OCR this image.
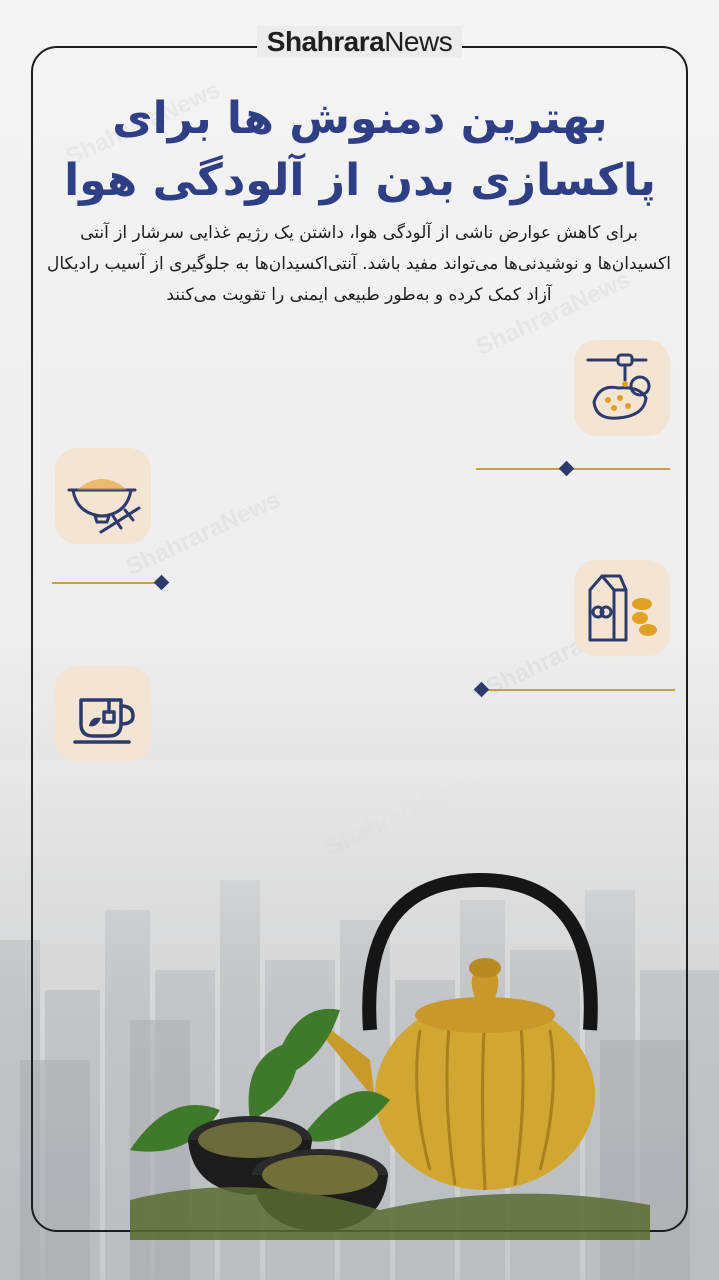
ShahraraNews
بهترین دمنوش ها برای
پاکسازی بدن از آلودگی هوا
برای کاهش عوارض ناشی از آلودگی هوا، داشتن یک رژیم غذایی سرشار از آنتی اکسیدان‌ها و نوشیدنی‌ها می‌تواند مفید باشد. آنتی‌اکسیدان‌ها به جلوگیری از آسیب رادیکال آزاد کمک کرده و به‌طور طبیعی ایمنی را تقویت می‌کنند
